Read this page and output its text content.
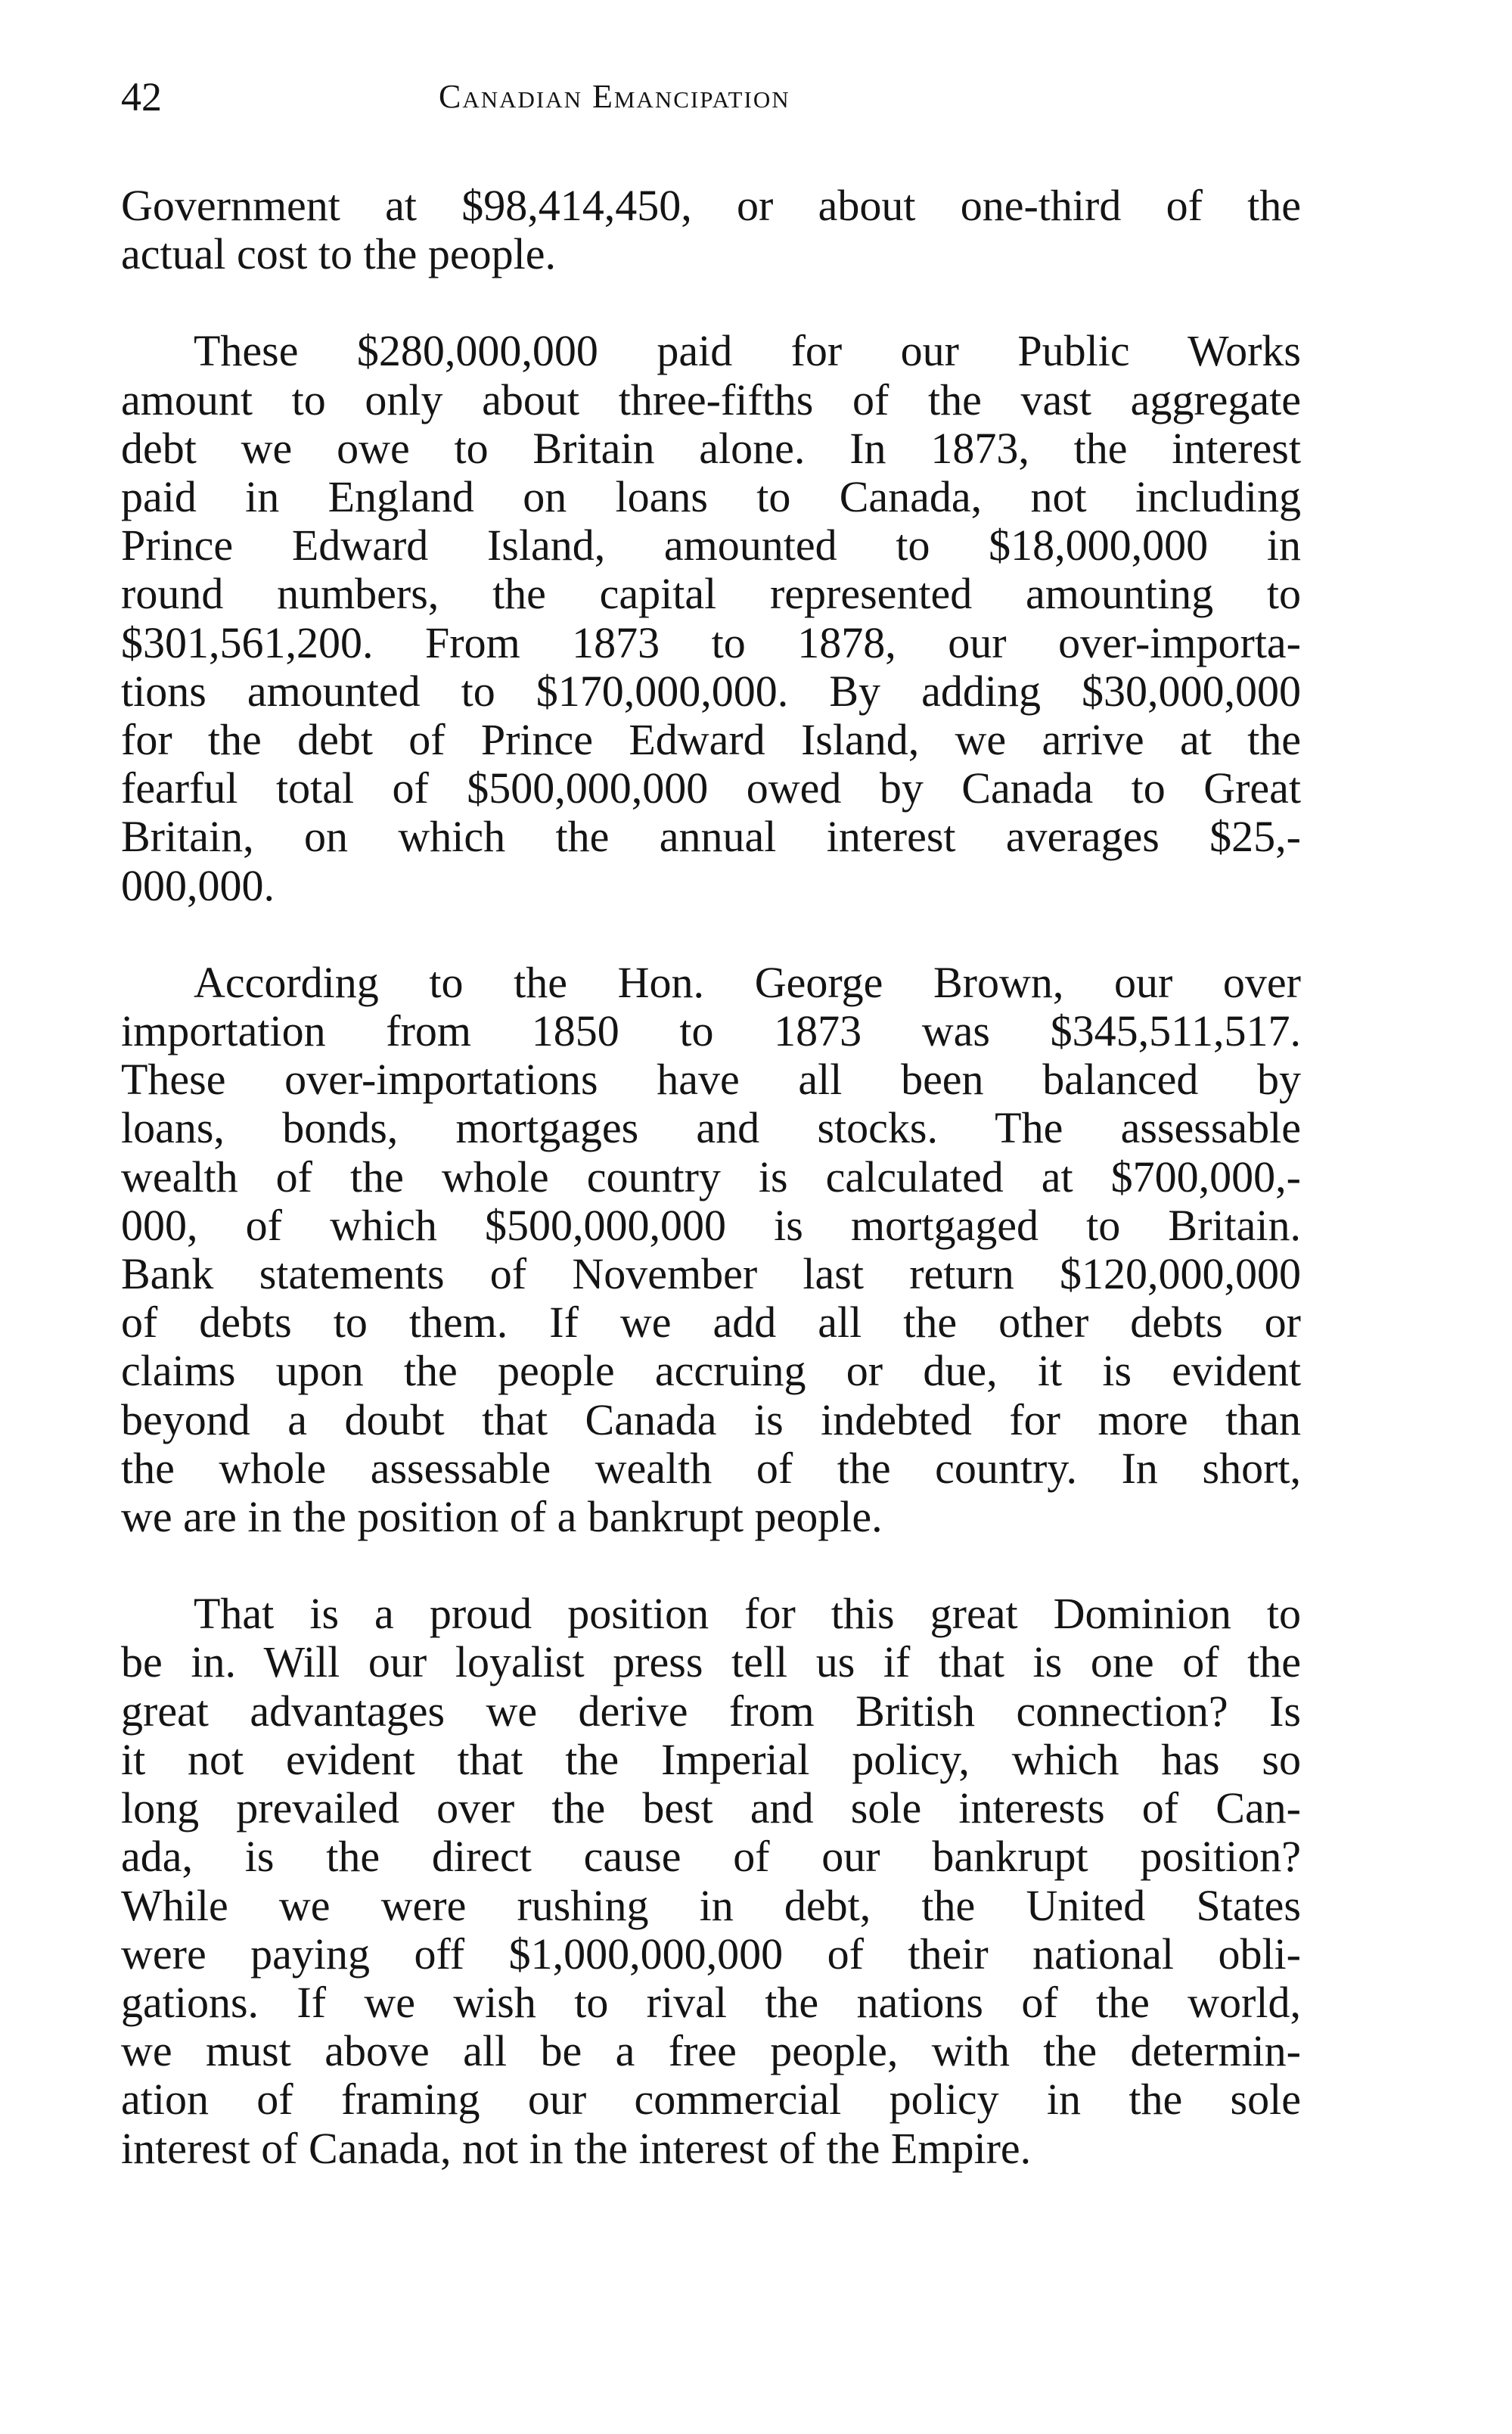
42	Canadian Emancipation

Government at $98,414,450, or about one-third of the
actual cost to the people.

These $280,000,000 paid for our Public Works
amount to only about three-fifths of the vast aggregate
debt we owe to Britain alone. In 1873, the interest
paid in England on loans to Canada, not including
Prince Edward Island, amounted to $18,000,000 in
round numbers, the capital represented amounting to
$301,561,200. From 1873 to 1878, our over-importa-
tions amounted to $170,000,000. By adding $30,000,000
for the debt of Prince Edward Island, we arrive at the
fearful total of $500,000,000 owed by Canada to Great
Britain, on which the annual interest averages $25,-
000,000.

According to the Hon. George Brown, our over
importation from 1850 to 1873 was $345,511,517.
These over-importations have all been balanced by
loans, bonds, mortgages and stocks. The assessable
wealth of the whole country is calculated at $700,000,-
000, of which $500,000,000 is mortgaged to Britain.
Bank statements of November last return $120,000,000
of debts to them. If we add all the other debts or
claims upon the people accruing or due, it is evident
beyond a doubt that Canada is indebted for more than
the whole assessable wealth of the country. In short,
we are in the position of a bankrupt people.

That is a proud position for this great Dominion to
be in. Will our loyalist press tell us if that is one of the
great advantages we derive from British connection? Is
it not evident that the Imperial policy, which has so
long prevailed over the best and sole interests of Can-
ada, is the direct cause of our bankrupt position?
While we were rushing in debt, the United States
were paying off $1,000,000,000 of their national obli-
gations. If we wish to rival the nations of the world,
we must above all be a free people, with the determin-
ation of framing our commercial policy in the sole
interest of Canada, not in the interest of the Empire.
